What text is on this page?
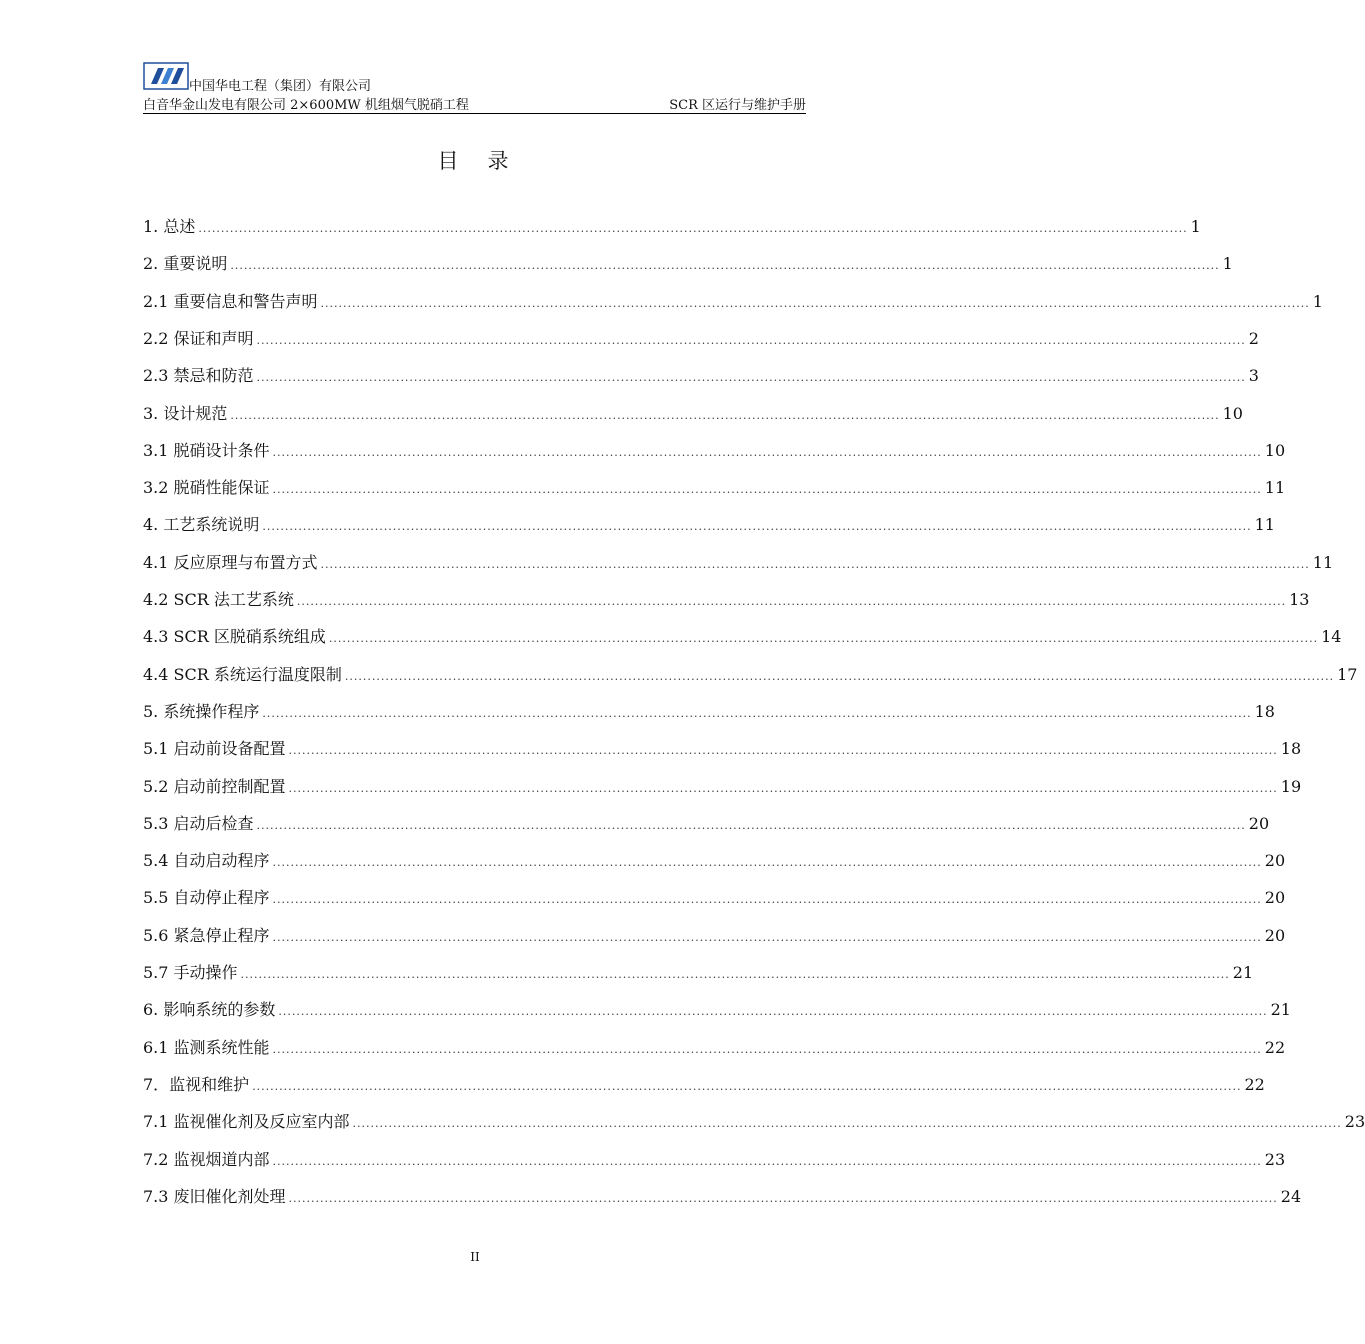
中国华电工程（集团）有限公司
白音华金山发电有限公司 2×600MW 机组烟气脱硝工程	SCR 区运行与维护手册
目　录
1. 总述 ............................................................................................................................................................................................................................ 1
2. 重要说明 ............................................................................................................................................................................................................................ 1
2.1 重要信息和警告声明 ............................................................................................................................................................................................................................ 1
2.2 保证和声明 ............................................................................................................................................................................................................................ 2
2.3 禁忌和防范 ............................................................................................................................................................................................................................ 3
3. 设计规范 ............................................................................................................................................................................................................................ 10
3.1 脱硝设计条件 ............................................................................................................................................................................................................................ 10
3.2 脱硝性能保证 ............................................................................................................................................................................................................................ 11
4. 工艺系统说明 ............................................................................................................................................................................................................................ 11
4.1 反应原理与布置方式 ............................................................................................................................................................................................................................ 11
4.2 SCR 法工艺系统 ............................................................................................................................................................................................................................ 13
4.3 SCR 区脱硝系统组成 ............................................................................................................................................................................................................................ 14
4.4 SCR 系统运行温度限制 ............................................................................................................................................................................................................................ 17
5. 系统操作程序 ............................................................................................................................................................................................................................ 18
5.1 启动前设备配置 ............................................................................................................................................................................................................................ 18
5.2 启动前控制配置 ............................................................................................................................................................................................................................ 19
5.3 启动后检查 ............................................................................................................................................................................................................................ 20
5.4 自动启动程序 ............................................................................................................................................................................................................................ 20
5.5 自动停止程序 ............................................................................................................................................................................................................................ 20
5.6 紧急停止程序 ............................................................................................................................................................................................................................ 20
5.7 手动操作 ............................................................................................................................................................................................................................ 21
6. 影响系统的参数 ............................................................................................................................................................................................................................ 21
6.1 监测系统性能 ............................................................................................................................................................................................................................ 22
7．监视和维护 ............................................................................................................................................................................................................................ 22
7.1 监视催化剂及反应室内部 ............................................................................................................................................................................................................................ 23
7.2 监视烟道内部 ............................................................................................................................................................................................................................ 23
7.3 废旧催化剂处理 ............................................................................................................................................................................................................................ 24
II
